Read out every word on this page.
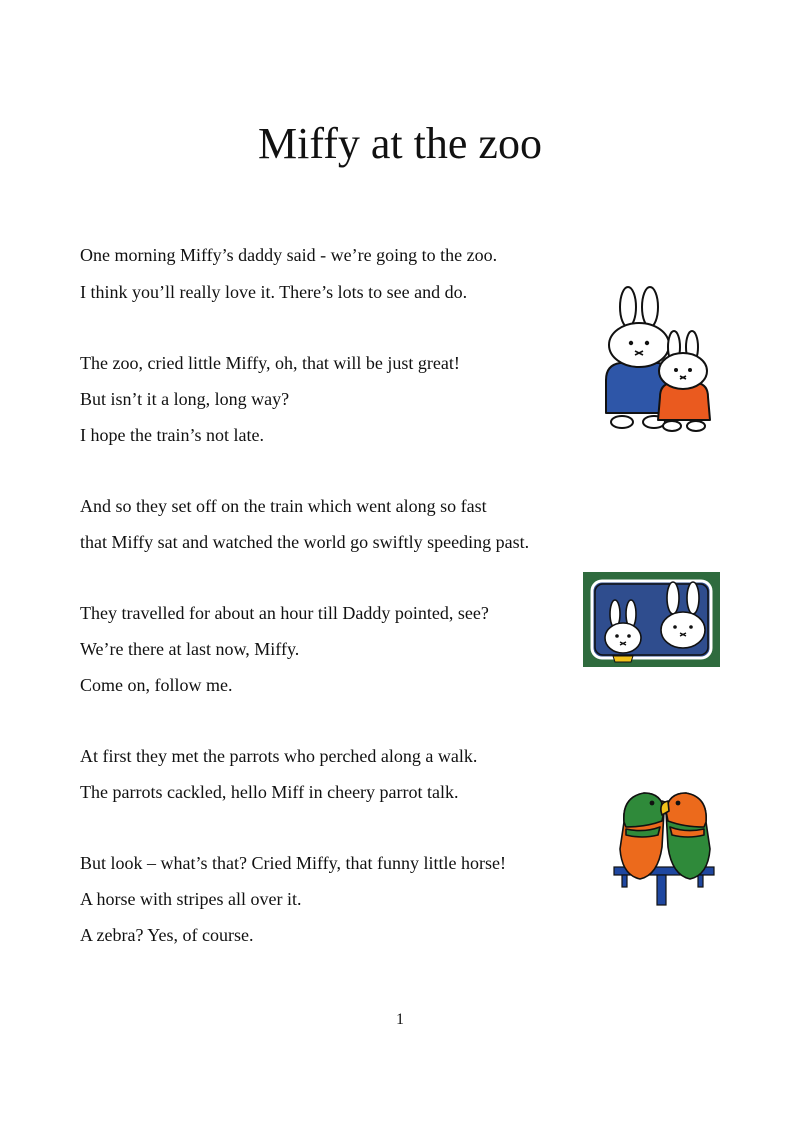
Miffy at the zoo
One morning Miffy’s daddy said - we’re going to the zoo.
I think you’ll really love it. There’s lots to see and do.
The zoo, cried little Miffy, oh, that will be just great!
But isn’t it a long, long way?
I hope the train’s not late.
And so they set off on the train which went along so fast
that Miffy sat and watched the world go swiftly speeding past.
They travelled for about an hour till Daddy pointed, see?
We’re there at last now, Miffy.
Come on, follow me.
At first they met the parrots who perched along a walk.
The parrots cackled, hello Miff in cheery parrot talk.
But look – what’s that? Cried Miffy, that funny little horse!
A horse with stripes all over it.
A zebra? Yes, of course.
1
